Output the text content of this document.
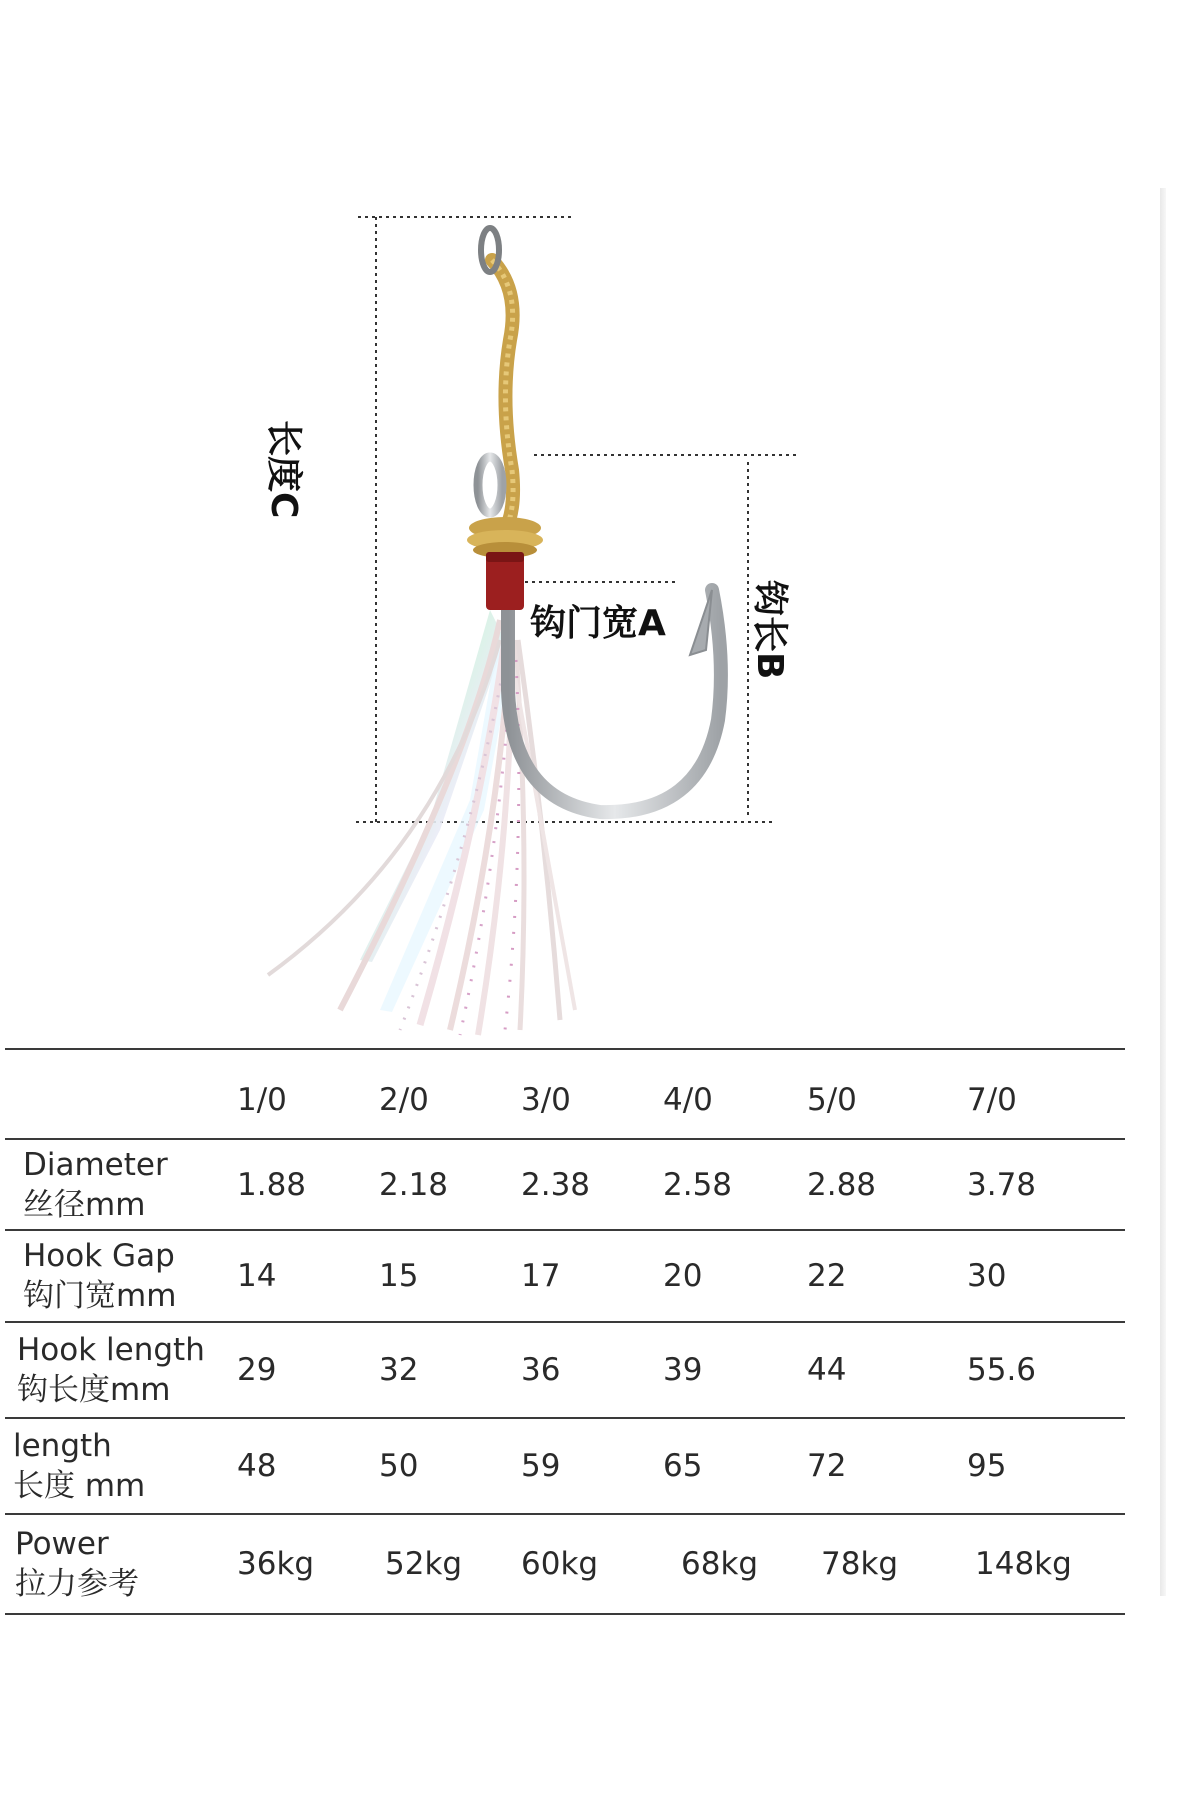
长度C
钩门宽A 钩长B
	1/0	2/0	3/0	4/0	5/0	7/0

Diameter
丝径mm	1.88	2.18	2.38	2.58	2.88	3.78

Hook Gap
钩门宽mm	14	15	17	20	22	30

Hook length
钩长度mm	29	32	36	39	44	55.6

length
长度 mm	48	50	59	65	72	95

Power
拉力参考	36kg	52kg	60kg	68kg	78kg	148kg
